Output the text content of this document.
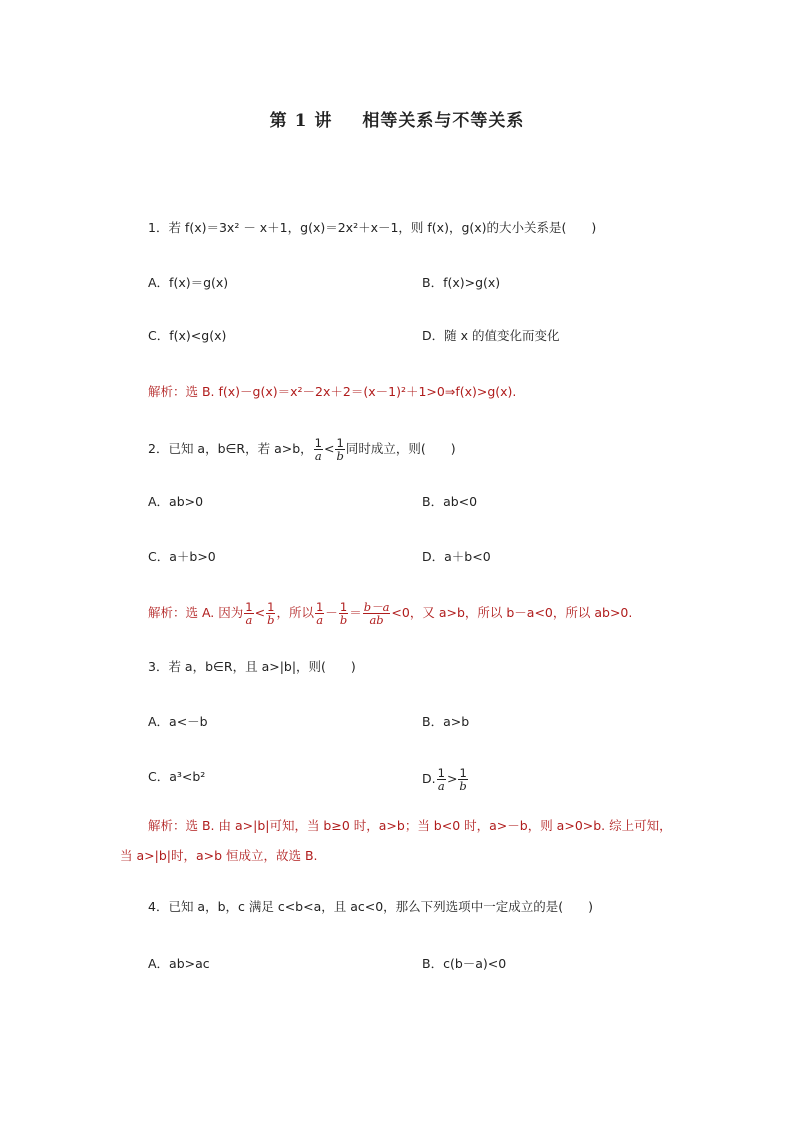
第 1 讲 相等关系与不等关系
1．若 f(x)＝3x² － x＋1，g(x)＝2x²＋x－1，则 f(x)，g(x)的大小关系是(　　)
A．f(x)＝g(x)	B．f(x)>g(x)
C．f(x)<g(x)	D．随 x 的值变化而变化
解析：选 B. f(x)－g(x)＝x²－2x＋2＝(x－1)²＋1>0⇒f(x)>g(x).
2．已知 a，b∈R，若 a>b， $\frac{1}{a} < \frac{1}{b}$ 同时成立，则(　　)
A．ab>0	B．ab<0
C．a＋b>0	D．a＋b<0
解析：选 A. 因为 $\frac{1}{a} < \frac{1}{b}$ ，所以 $\frac{1}{a} - \frac{1}{b} = \frac{b-a}{ab} <0$，又 a>b，所以 b－a<0，所以 ab>0.
3．若 a，b∈R，且 a>|b|，则(　　)
A．a<－b	B．a>b
C．a³<b²	D. $\frac{1}{a} > \frac{1}{b}$
解析：选 B. 由 a>|b|可知，当 b≥0 时，a>b；当 b<0 时，a>－b，则 a>0>b. 综上可知，
当 a>|b|时，a>b 恒成立，故选 B.
4．已知 a，b，c 满足 c<b<a，且 ac<0，那么下列选项中一定成立的是(　　)
A．ab>ac	B．c(b－a)<0
